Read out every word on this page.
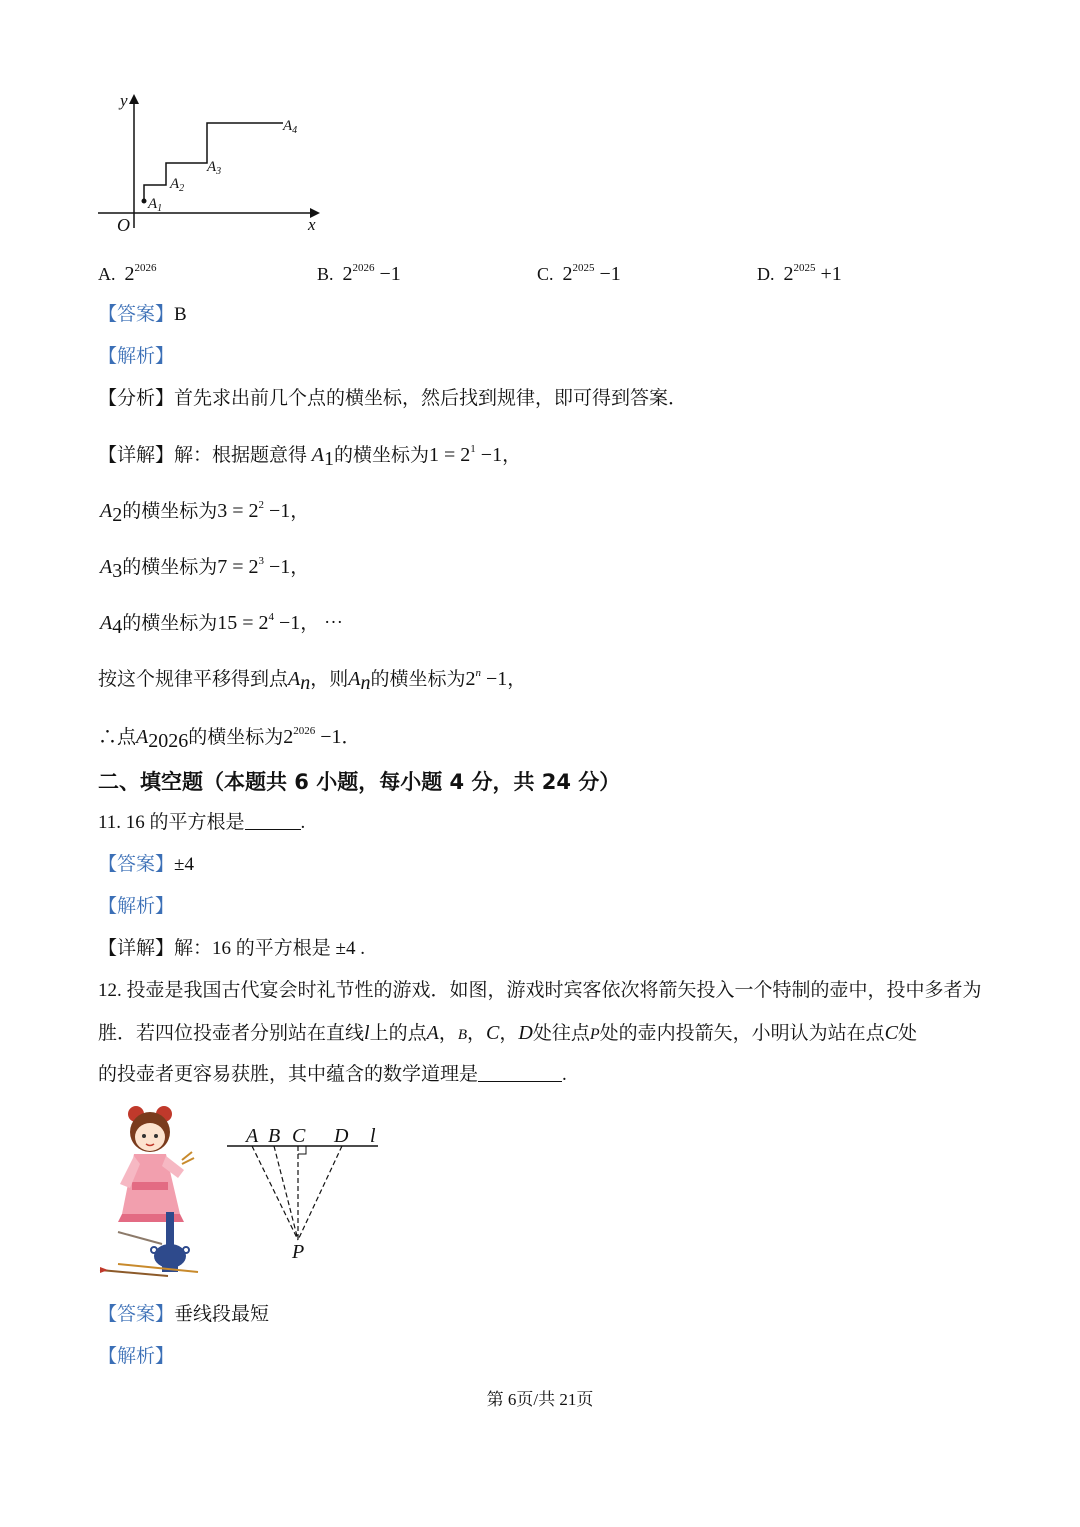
y
x
O
$A_1$
$A_2$
$A_3$
$A_4$
A. $2^{2026}$	B. $2^{2026} -1$	C. $2^{2025} -1$	D. $2^{2025} +1$
【答案】B
【解析】
【分析】首先求出前几个点的横坐标，然后找到规律，即可得到答案．
【详解】解：根据题意得 $A_1$的横坐标为$1 = 2^1 -1$，
$A_2$的横坐标为$3 = 2^2 -1$，
$A_3$的横坐标为$7 = 2^3 -1$，
$A_4$的横坐标为$15 = 2^4 -1$， ⋯
按这个规律平移得到点$A_n$，则$A_n$的横坐标为$2^n -1$，
∴点$A_{2026}$的横坐标为$2^{2026} -1$．
二、填空题（本题共 6 小题，每小题 4 分，共 24 分）
11. 16 的平方根是	.
【答案】±4
【解析】
【详解】解：16 的平方根是 ±4 .
12. 投壶是我国古代宴会时礼节性的游戏．如图，游戏时宾客依次将箭矢投入一个特制的壶中，投中多者为
胜．若四位投壶者分别站在直线l上的点A，B，C，D处往点P处的壶内投箭矢，小明认为站在点C处
的投壶者更容易获胜，其中蕴含的数学道理是	.
A B C D l
P
【答案】垂线段最短
【解析】
第 6页/共 21页
